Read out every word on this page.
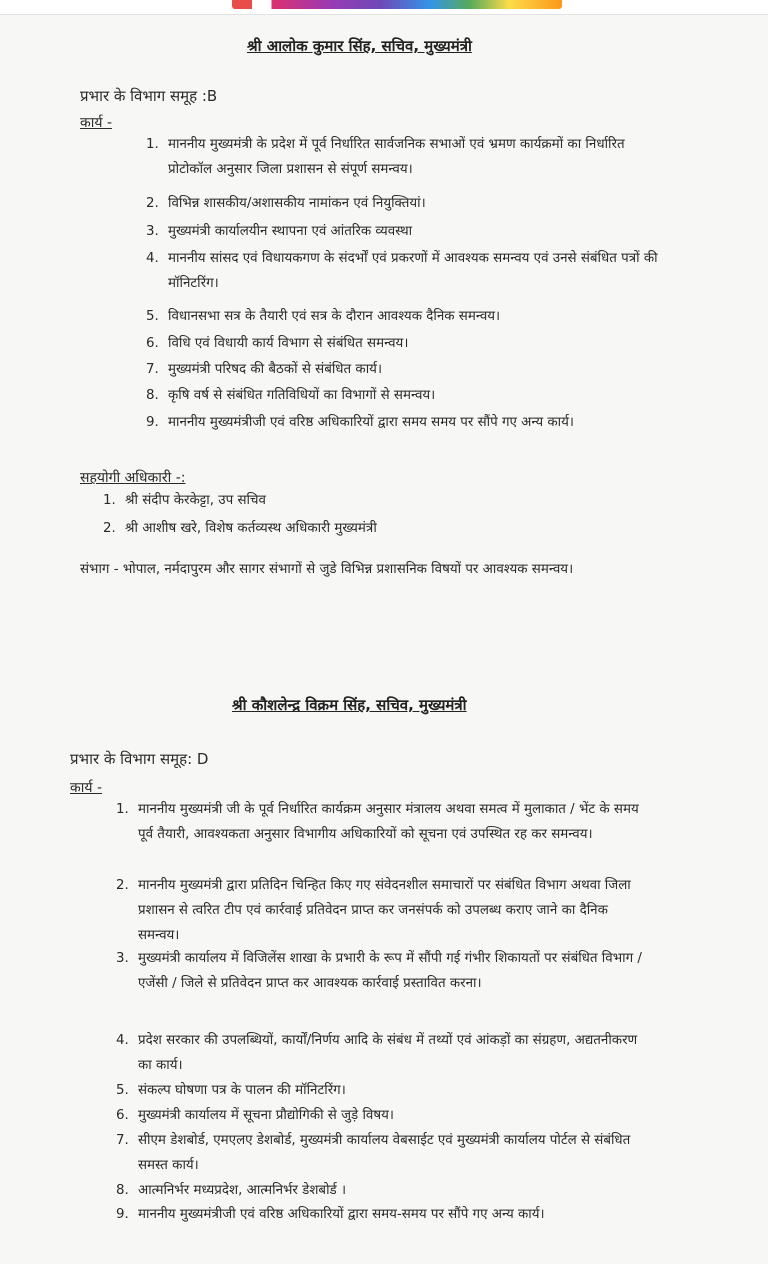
श्री आलोक कुमार सिंह, सचिव, मुख्यमंत्री
प्रभार के विभाग समूह :B
कार्य -
1. माननीय मुख्यमंत्री के प्रदेश में पूर्व निर्धारित सार्वजनिक सभाओं एवं भ्रमण कार्यक्रमों का निर्धारित प्रोटोकॉल अनुसार जिला प्रशासन से संपूर्ण समन्वय।
2. विभिन्न शासकीय/अशासकीय नामांकन एवं नियुक्तियां।
3. मुख्यमंत्री कार्यालयीन स्थापना एवं आंतरिक व्यवस्था
4. माननीय सांसद एवं विधायकगण के संदर्भों एवं प्रकरणों में आवश्यक समन्वय एवं उनसे संबंधित पत्रों की मॉनिटरिंग।
5. विधानसभा सत्र के तैयारी एवं सत्र के दौरान आवश्यक दैनिक समन्वय।
6. विधि एवं विधायी कार्य विभाग से संबंधित समन्वय।
7. मुख्यमंत्री परिषद की बैठकों से संबंधित कार्य।
8. कृषि वर्ष से संबंधित गतिविधियों का विभागों से समन्वय।
9. माननीय मुख्यमंत्रीजी एवं वरिष्ठ अधिकारियों द्वारा समय समय पर सौंपे गए अन्य कार्य।
सहयोगी अधिकारी -:
1. श्री संदीप केरकेट्टा, उप सचिव
2. श्री आशीष खरे, विशेष कर्तव्यस्थ अधिकारी मुख्यमंत्री
संभाग - भोपाल, नर्मदापुरम और सागर संभागों से जुडे विभिन्न प्रशासनिक विषयों पर आवश्यक समन्वय।
श्री कौशलेन्द्र विक्रम सिंह, सचिव, मुख्यमंत्री
प्रभार के विभाग समूह: D
कार्य -
1. माननीय मुख्यमंत्री जी के पूर्व निर्धारित कार्यक्रम अनुसार मंत्रालय अथवा समत्व में मुलाकात / भेंट के समय पूर्व तैयारी, आवश्यकता अनुसार विभागीय अधिकारियों को सूचना एवं उपस्थित रह कर समन्वय।
2. माननीय मुख्यमंत्री द्वारा प्रतिदिन चिन्हित किए गए संवेदनशील समाचारों पर संबंधित विभाग अथवा जिला प्रशासन से त्वरित टीप एवं कार्रवाई प्रतिवेदन प्राप्त कर जनसंपर्क को उपलब्ध कराए जाने का दैनिक समन्वय।
3. मुख्यमंत्री कार्यालय में विजिलेंस शाखा के प्रभारी के रूप में सौंपी गई गंभीर शिकायतों पर संबंधित विभाग / एजेंसी / जिले से प्रतिवेदन प्राप्त कर आवश्यक कार्रवाई प्रस्तावित करना।
4. प्रदेश सरकार की उपलब्धियों, कार्यों/निर्णय आदि के संबंध में तथ्यों एवं आंकड़ों का संग्रहण, अद्यतनीकरण का कार्य।
5. संकल्प घोषणा पत्र के पालन की मॉनिटरिंग।
6. मुख्यमंत्री कार्यालय में सूचना प्रौद्योगिकी से जुड़े विषय।
7. सीएम डेशबोर्ड, एमएलए डेशबोर्ड, मुख्यमंत्री कार्यालय वेबसाईट एवं मुख्यमंत्री कार्यालय पोर्टल से संबंधित समस्त कार्य।
8. आत्मनिर्भर मध्यप्रदेश, आत्मनिर्भर डेशबोर्ड ।
9. माननीय मुख्यमंत्रीजी एवं वरिष्ठ अधिकारियों द्वारा समय-समय पर सौंपे गए अन्य कार्य।
